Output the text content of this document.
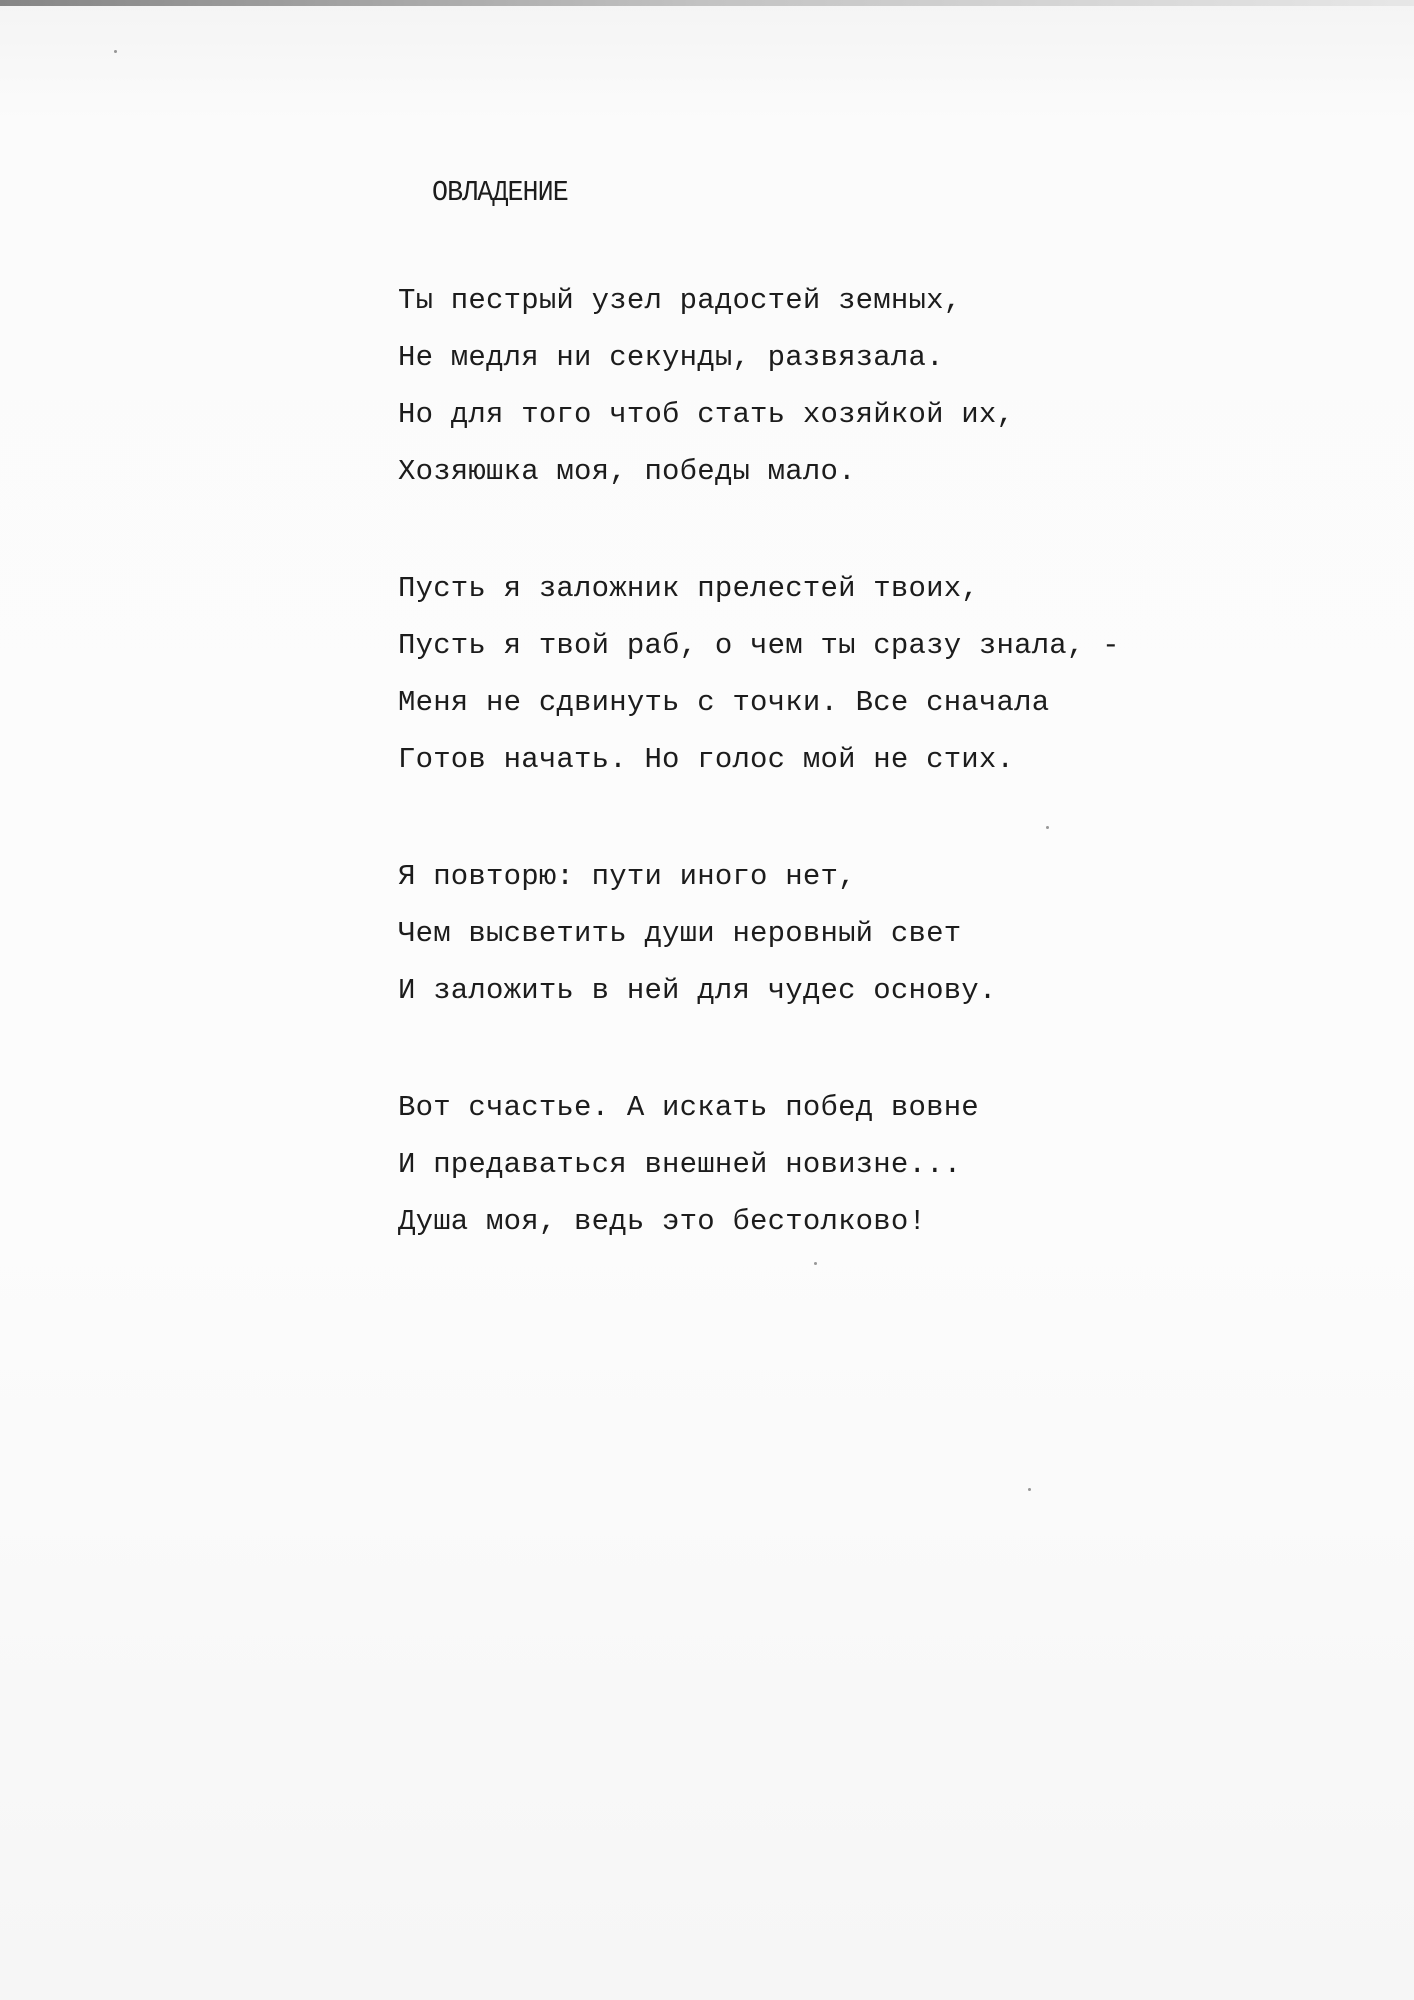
ОВЛАДЕНИЕ
Ты пестрый узел радостей земных,
Не медля ни секунды, развязала.
Но для того чтоб стать хозяйкой их,
Хозяюшка моя, победы мало.
Пусть я заложник прелестей твоих,
Пусть я твой раб, о чем ты сразу знала, -
Меня не сдвинуть с точки. Все сначала
Готов начать. Но голос мой не стих.
Я повторю: пути иного нет,
Чем высветить души неровный свет
И заложить в ней для чудес основу.
Вот счастье. А искать побед вовне
И предаваться внешней новизне...
Душа моя, ведь это бестолково!
